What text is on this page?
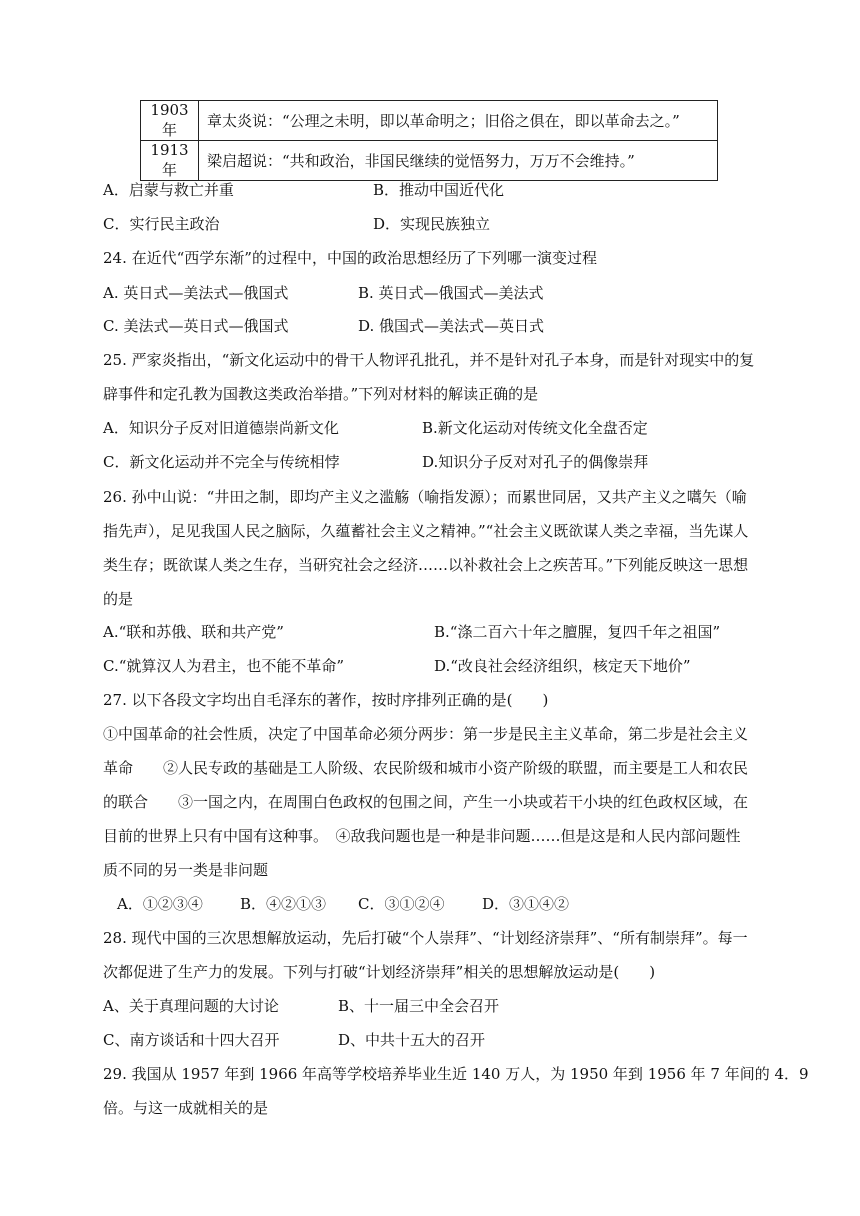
1903 年	章太炎说：“公理之未明，即以革命明之；旧俗之俱在，即以革命去之。”
1913 年	梁启超说：“共和政治，非国民继续的觉悟努力，万万不会维持。”
A．启蒙与救亡并重	B．推动中国近代化
C．实行民主政治	D．实现民族独立
24. 在近代“西学东渐”的过程中，中国的政治思想经历了下列哪一演变过程
A. 英日式—美法式—俄国式	B. 英日式—俄国式—美法式
C. 美法式—英日式—俄国式	D. 俄国式—美法式—英日式
25. 严家炎指出，“新文化运动中的骨干人物评孔批孔，并不是针对孔子本身，而是针对现实中的复
辟事件和定孔教为国教这类政治举措。”下列对材料的解读正确的是
A．知识分子反对旧道德崇尚新文化	B.新文化运动对传统文化全盘否定
C．新文化运动并不完全与传统相悖	D.知识分子反对对孔子的偶像崇拜
26. 孙中山说：“井田之制，即均产主义之滥觞（喻指发源）；而累世同居，又共产主义之嚆矢（喻
指先声），足见我国人民之脑际，久蕴蓄社会主义之精神。”“社会主义既欲谋人类之幸福，当先谋人
类生存；既欲谋人类之生存，当研究社会之经济……以补救社会上之疾苦耳。”下列能反映这一思想
的是
A.“联和苏俄、联和共产党”	B.“涤二百六十年之膻腥，复四千年之祖国”
C.“就算汉人为君主，也不能不革命”	D.“改良社会经济组织，核定天下地价”
27. 以下各段文字均出自毛泽东的著作，按时序排列正确的是(　　)
①中国革命的社会性质，决定了中国革命必须分两步：第一步是民主主义革命，第二步是社会主义
革命　　②人民专政的基础是工人阶级、农民阶级和城市小资产阶级的联盟，而主要是工人和农民
的联合　　③一国之内，在周围白色政权的包围之间，产生一小块或若干小块的红色政权区域，在
目前的世界上只有中国有这种事。　④敌我问题也是一种是非问题……但是这是和人民内部问题性
质不同的另一类是非问题
A．①②③④ B．④②①③ C．③①②④	D．③①④②
28. 现代中国的三次思想解放运动，先后打破“个人崇拜”、“计划经济崇拜”、“所有制崇拜”。每一
次都促进了生产力的发展。下列与打破“计划经济崇拜”相关的思想解放运动是(　　)
A、关于真理问题的大讨论	B、十一届三中全会召开
C、南方谈话和十四大召开	D、中共十五大的召开
29. 我国从 1957 年到 1966 年高等学校培养毕业生近 140 万人，为 1950 年到 1956 年 7 年间的 4．9
倍。与这一成就相关的是
